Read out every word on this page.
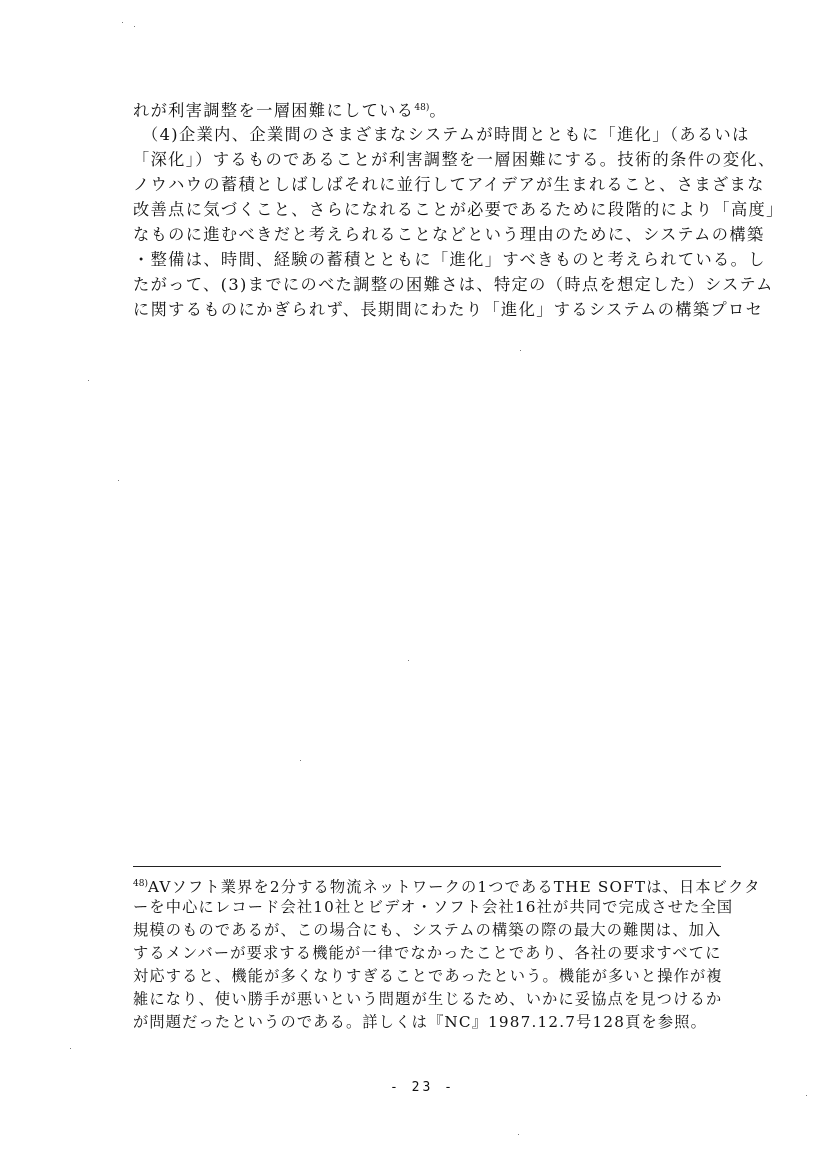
れが利害調整を一層困難にしている$^{48)}$。
（4)企業内、企業間のさまざまなシステムが時間とともに「進化」（あるいは
「深化」）するものであることが利害調整を一層困難にする。技術的条件の変化、
ノウハウの蓄積としばしばそれに並行してアイデアが生まれること、さまざまな
改善点に気づくこと、さらになれることが必要であるために段階的により「高度」
なものに進むべきだと考えられることなどという理由のために、システムの構築
・整備は、時間、経験の蓄積とともに「進化」すべきものと考えられている。し
たがって、(3)までにのべた調整の困難さは、特定の（時点を想定した）システム
に関するものにかぎられず、長期間にわたり「進化」するシステムの構築プロセ
$^{48)}$AVソフト業界を2分する物流ネットワークの1つであるTHE SOFTは、日本ビクタ
ーを中心にレコード会社10社とビデオ・ソフト会社16社が共同で完成させた全国
規模のものであるが、この場合にも、システムの構築の際の最大の難関は、加入
するメンバーが要求する機能が一律でなかったことであり、各社の要求すべてに
対応すると、機能が多くなりすぎることであったという。機能が多いと操作が複
雑になり、使い勝手が悪いという問題が生じるため、いかに妥協点を見つけるか
が問題だったというのである。詳しくは『NC』1987.12.7号128頁を参照。
- 23 -
